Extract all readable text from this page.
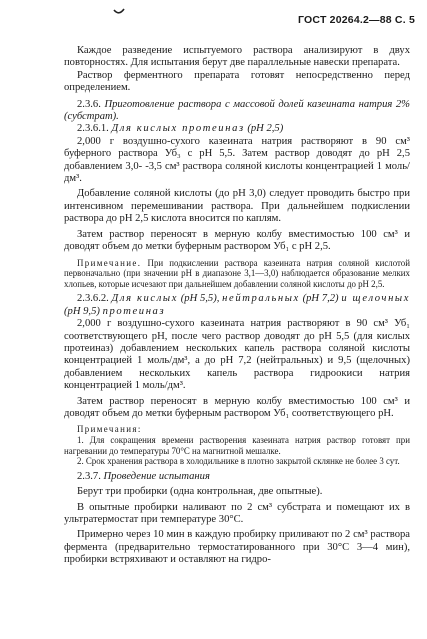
ГОСТ 20264.2—88 С. 5

Каждое разведение испытуемого раствора анализируют в двух повторностях. Для испытания берут две параллельные навески препарата.

Раствор ферментного препарата готовят непосредственно перед определением.

2.3.6. Приготовление раствора с массовой долей казеината натрия 2% (субстрат).

2.3.6.1. Для кислых протеиназ (рН 2,5)

2,000 г воздушно-сухого казеината натрия растворяют в 90 см³ буферного раствора Уб₃ с рН 5,5. Затем раствор доводят до рН 2,5 добавлением 3,0- -3,5 см³ раствора соляной кислоты концентрацией 1 моль/дм³.

Добавление соляной кислоты (до рН 3,0) следует проводить быстро при интенсивном перемешивании раствора. При дальнейшем подкислении раствора до рН 2,5 кислота вносится по каплям.

Затем раствор переносят в мерную колбу вместимостью 100 см³ и доводят объем до метки буферным раствором Уб₁ с рН 2,5.

Примечание. При подкислении раствора казеината натрия соляной кислотой первоначально (при значении рН в диапазоне 3,1—3,0) наблюдается образование мелких хлопьев, которые исчезают при дальнейшем добавлении соляной кислоты до рН 2,5.

2.3.6.2. Для кислых (рН 5,5), нейтральных (рН 7,2) и щелочных (рН 9,5) протеиназ

2,000 г воздушно-сухого казеината натрия растворяют в 90 см³ Уб₁ соответствующего рН, после чего раствор доводят до рН 5,5 (для кислых протеиназ) добавлением нескольких капель раствора соляной кислоты концентрацией 1 моль/дм³, а до рН 7,2 (нейтральных) и 9,5 (щелочных) добавлением нескольких капель раствора гидроокиси натрия концентрацией 1 моль/дм³.

Затем раствор переносят в мерную колбу вместимостью 100 см³ и доводят объем до метки буферным раствором Уб₁ соответствующего рН.

Примечания:

1. Для сокращения времени растворения казеината натрия раствор готовят при нагревании до температуры 70°С на магнитной мешалке.

2. Срок хранения раствора в холодильнике в плотно закрытой склянке не более 3 сут.

2.3.7. Проведение испытания

Берут три пробирки (одна контрольная, две опытные).

В опытные пробирки наливают по 2 см³ субстрата и помещают их в ультратермостат при температуре 30°С.

Примерно через 10 мин в каждую пробирку приливают по 2 см³ раствора фермента (предварительно термостатированного при 30°С 3—4 мин), пробирки встряхивают и оставляют на гидро-
